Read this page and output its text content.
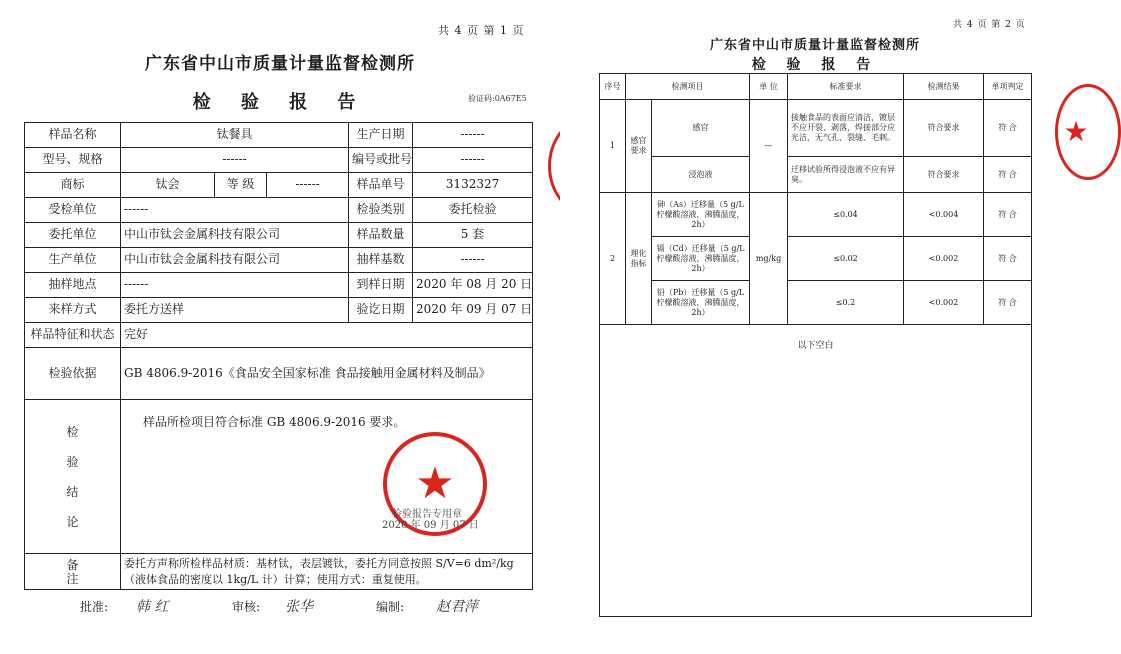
共 4 页 第 1 页
广东省中山市质量计量监督检测所
检 验 报 告	验证码:0A67E5
样品名称	钛餐具			生产日期	------
型号、规格	------			编号或批号	------
商标	钛会	等 级	------	样品单号	3132327
受检单位	------			检验类别	委托检验
委托单位	中山市钛会金属科技有限公司			样品数量	5 套
生产单位	中山市钛会金属科技有限公司			抽样基数	------
抽样地点	------			到样日期	2020 年 08 月 20 日
来样方式	委托方送样			验讫日期	2020 年 09 月 07 日
样品特征和状态	完好				
检验依据	GB 4806.9-2016《食品安全国家标准 食品接触用金属材料及制品》				

检
验
结
论	样品所检项目符合标准 GB 4806.9-2016 要求。				

备
注	委托方声称所检样品材质：基材钛，表层镀钛，委托方同意按照 S/V=6 dm²/kg（液体食品的密度以 1kg/L 计）计算；使用方式：重复使用。				
★
检验报告专用章
2020 年 09 月 07 日
批准: 韩 红	审核: 张华	编制: 赵君萍
共 4 页 第 2 页
广东省中山市质量计量监督检测所
检 验 报 告
序号	检测项目		单 位	标准要求	检测结果	单项判定
1	感官要求	感官	—	接触食品的表面应清洁，镀层不应开裂、剥落，焊接部分应光洁，无气孔、裂缝、毛刺。	符合要求	符 合
		浸泡液		迁移试验所得浸泡液不应有异臭。	符合要求	符 合
2	理化指标	砷（As）迁移量（5 g/L柠檬酸溶液，沸腾温度，2h）	mg/kg	≤0.04	<0.004	符 合
		镉（Cd）迁移量（5 g/L柠檬酸溶液，沸腾温度，2h）		≤0.02	<0.002	符 合
		铅（Pb）迁移量（5 g/L柠檬酸溶液，沸腾温度，2h）		≤0.2	<0.002	符 合
以下空白						
★
